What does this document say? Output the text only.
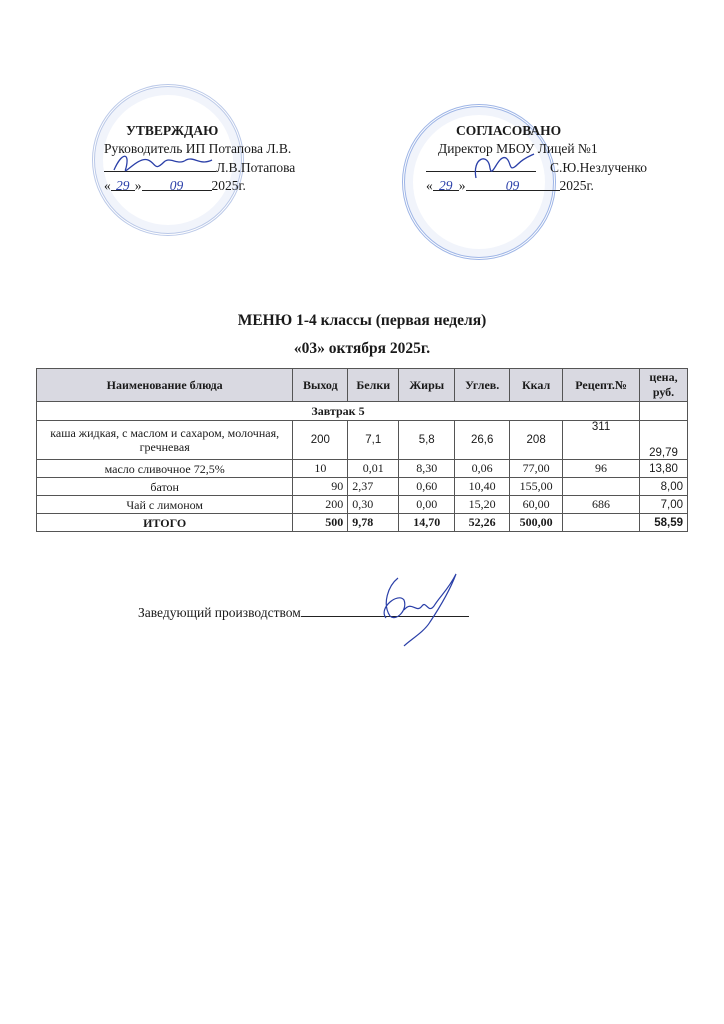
УТВЕРЖДАЮ
Руководитель ИП Потапова Л.В.
Л.В.Потапова
« 29 » 09 2025г.
СОГЛАСОВАНО
Директор МБОУ Лицей №1
С.Ю.Незлученко
« 29 »	09	2025г.
МЕНЮ 1-4 классы (первая неделя)
«03» октября 2025г.
Наименование блюда	Выход	Белки	Жиры	Углев.	Ккал	Рецепт.№	цена, руб.
Завтрак 5							
каша жидкая, с маслом и сахаром, молочная, гречневая	200	7,1	5,8	26,6	208	311	29,79
масло сливочное 72,5%	10	0,01	8,30	0,06	77,00	96	13,80
батон	90	2,37	0,60	10,40	155,00		8,00
Чай с лимоном	200	0,30	0,00	15,20	60,00	686	7,00
ИТОГО	500	9,78	14,70	52,26	500,00		58,59
Заведующий производством
